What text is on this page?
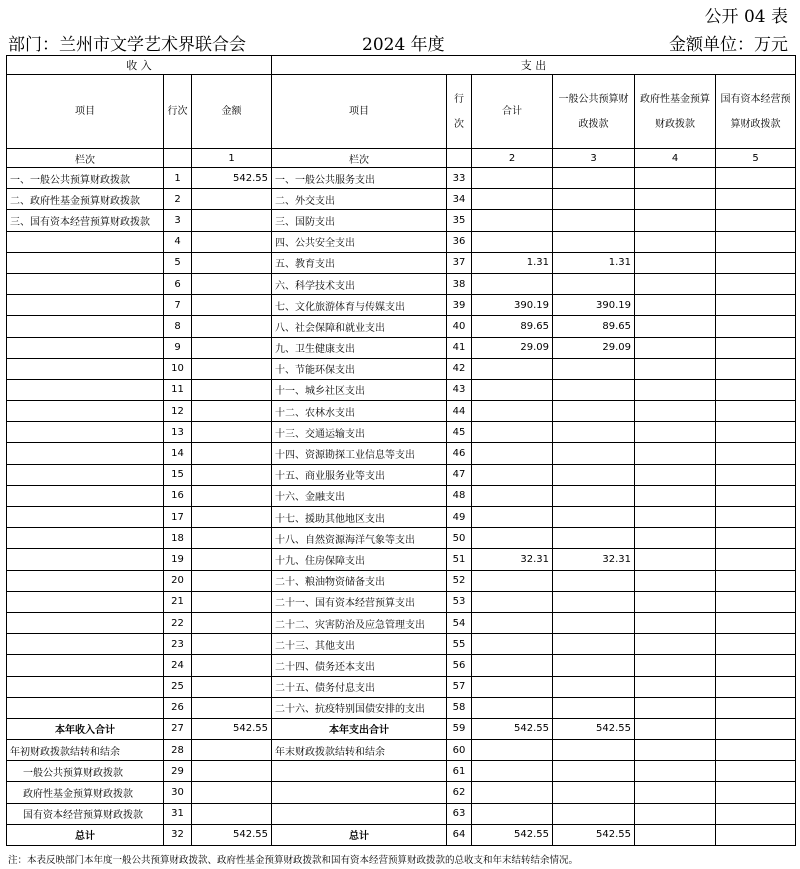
公开 04 表
部门：兰州市文学艺术界联合会	2024 年度	金额单位：万元
收 入			支 出					
项目	行次	金额	项目	行次	合计	一般公共预算财政拨款	政府性基金预算财政拨款	国有资本经营预算财政拨款
栏次		1	栏次		2	3	4	5
一、一般公共预算财政拨款	1	542.55	一、一般公共服务支出	33				
二、政府性基金预算财政拨款	2		二、外交支出	34				
三、国有资本经营预算财政拨款	3		三、国防支出	35				
	4		四、公共安全支出	36				
	5		五、教育支出	37	1.31	1.31		
	6		六、科学技术支出	38				
	7		七、文化旅游体育与传媒支出	39	390.19	390.19		
	8		八、社会保障和就业支出	40	89.65	89.65		
	9		九、卫生健康支出	41	29.09	29.09		
	10		十、节能环保支出	42				
	11		十一、城乡社区支出	43				
	12		十二、农林水支出	44				
	13		十三、交通运输支出	45				
	14		十四、资源勘探工业信息等支出	46				
	15		十五、商业服务业等支出	47				
	16		十六、金融支出	48				
	17		十七、援助其他地区支出	49				
	18		十八、自然资源海洋气象等支出	50				
	19		十九、住房保障支出	51	32.31	32.31		
	20		二十、粮油物资储备支出	52				
	21		二十一、国有资本经营预算支出	53				
	22		二十二、灾害防治及应急管理支出	54				
	23		二十三、其他支出	55				
	24		二十四、债务还本支出	56				
	25		二十五、债务付息支出	57				
	26		二十六、抗疫特别国债安排的支出	58				
本年收入合计	27	542.55	本年支出合计	59	542.55	542.55		
年初财政拨款结转和结余	28		年末财政拨款结转和结余	60				
一般公共预算财政拨款	29			61				
政府性基金预算财政拨款	30			62				
国有资本经营预算财政拨款	31			63				
总计	32	542.55	总计	64	542.55	542.55		
注：本表反映部门本年度一般公共预算财政拨款、政府性基金预算财政拨款和国有资本经营预算财政拨款的总收支和年末结转结余情况。
